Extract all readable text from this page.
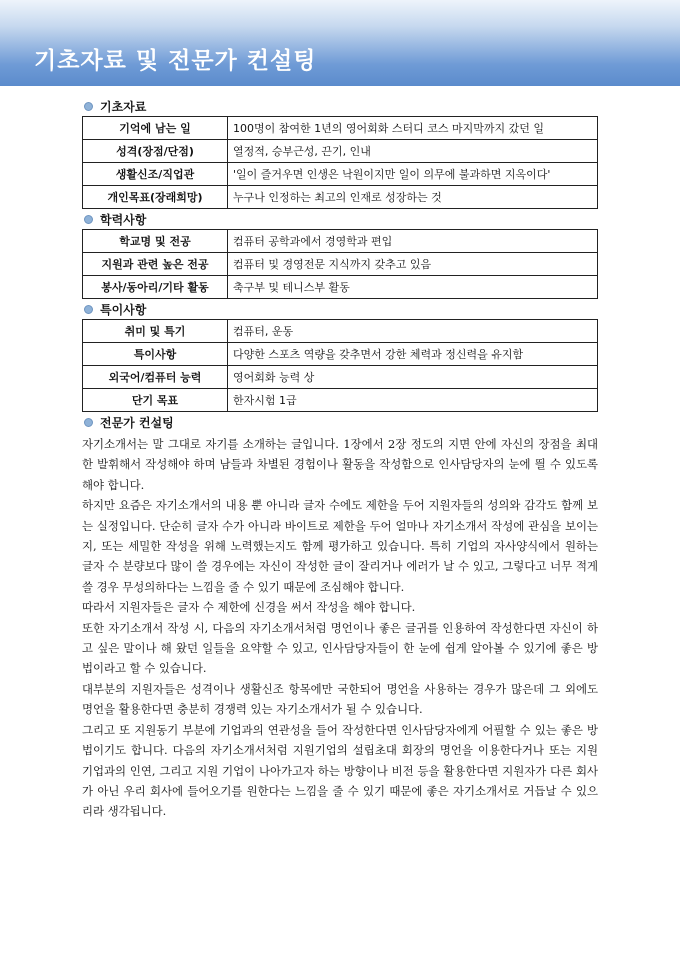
기초자료 및 전문가 컨설팅
기초자료
기억에 남는 일	100명이 참여한 1년의 영어회화 스터디 코스 마지막까지 갔던 일
성격(장점/단점)	열정적, 승부근성, 끈기, 인내
생활신조/직업관	'일이 즐거우면 인생은 낙원이지만 일이 의무에 불과하면 지옥이다'
개인목표(장래희망)	누구나 인정하는 최고의 인재로 성장하는 것
학력사항
학교명 및 전공	컴퓨터 공학과에서 경영학과 편입
지원과 관련 높은 전공	컴퓨터 및 경영전문 지식까지 갖추고 있음
봉사/동아리/기타 활동	축구부 및 테니스부 활동
특이사항
취미 및 특기	컴퓨터, 운동
특이사항	다양한 스포츠 역량을 갖추면서 강한 체력과 정신력을 유지함
외국어/컴퓨터 능력	영어회화 능력 상
단기 목표	한자시험 1급
전문가 컨설팅

자기소개서는 말 그대로 자기를 소개하는 글입니다. 1장에서 2장 정도의 지면 안에 자신의 장점을 최대한 발휘해서 작성해야 하며 남들과 차별된 경험이나 활동을 작성함으로 인사담당자의 눈에 띌 수 있도록 해야 합니다.

하지만 요즘은 자기소개서의 내용 뿐 아니라 글자 수에도 제한을 두어 지원자들의 성의와 감각도 함께 보는 실정입니다. 단순히 글자 수가 아니라 바이트로 제한을 두어 얼마나 자기소개서 작성에 관심을 보이는지, 또는 세밀한 작성을 위해 노력했는지도 함께 평가하고 있습니다. 특히 기업의 자사양식에서 원하는 글자 수 분량보다 많이 쓸 경우에는 자신이 작성한 글이 잘리거나 에러가 날 수 있고, 그렇다고 너무 적게 쓸 경우 무성의하다는 느낌을 줄 수 있기 때문에 조심해야 합니다.

따라서 지원자들은 글자 수 제한에 신경을 써서 작성을 해야 합니다.

또한 자기소개서 작성 시, 다음의 자기소개서처럼 명언이나 좋은 글귀를 인용하여 작성한다면 자신이 하고 싶은 말이나 해 왔던 일들을 요약할 수 있고, 인사담당자들이 한 눈에 쉽게 알아볼 수 있기에 좋은 방법이라고 할 수 있습니다.

대부분의 지원자들은 성격이나 생활신조 항목에만 국한되어 명언을 사용하는 경우가 많은데 그 외에도 명언을 활용한다면 충분히 경쟁력 있는 자기소개서가 될 수 있습니다.

그리고 또 지원동기 부분에 기업과의 연관성을 들어 작성한다면 인사담당자에게 어필할 수 있는 좋은 방법이기도 합니다. 다음의 자기소개서처럼 지원기업의 설립초대 회장의 명언을 이용한다거나 또는 지원 기업과의 인연, 그리고 지원 기업이 나아가고자 하는 방향이나 비전 등을 활용한다면 지원자가 다른 회사가 아닌 우리 회사에 들어오기를 원한다는 느낌을 줄 수 있기 때문에 좋은 자기소개서로 거듭날 수 있으리라 생각됩니다.
